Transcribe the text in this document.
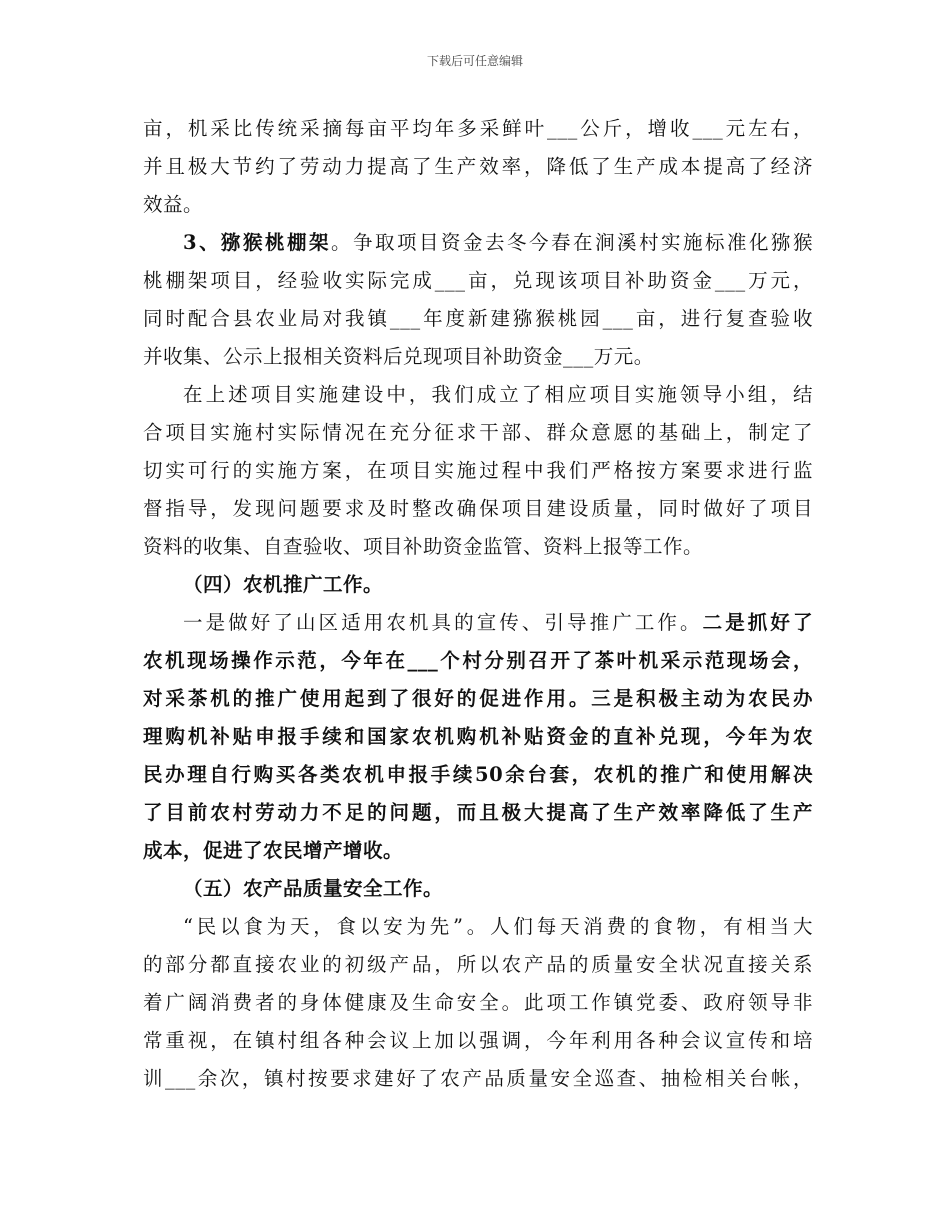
下载后可任意编辑
亩，机采比传统采摘每亩平均年多采鲜叶___公斤，增收___元左右，
并且极大节约了劳动力提高了生产效率，降低了生产成本提高了经济
效益。
3、猕猴桃棚架。争取项目资金去冬今春在涧溪村实施标准化猕猴
桃棚架项目，经验收实际完成___亩，兑现该项目补助资金___万元，
同时配合县农业局对我镇___年度新建猕猴桃园___亩，进行复查验收
并收集、公示上报相关资料后兑现项目补助资金___万元。
在上述项目实施建设中，我们成立了相应项目实施领导小组，结
合项目实施村实际情况在充分征求干部、群众意愿的基础上，制定了
切实可行的实施方案，在项目实施过程中我们严格按方案要求进行监
督指导，发现问题要求及时整改确保项目建设质量，同时做好了项目
资料的收集、自查验收、项目补助资金监管、资料上报等工作。
（四）农机推广工作。
一是做好了山区适用农机具的宣传、引导推广工作。二是抓好了
农机现场操作示范，今年在___个村分别召开了茶叶机采示范现场会，
对采茶机的推广使用起到了很好的促进作用。三是积极主动为农民办
理购机补贴申报手续和国家农机购机补贴资金的直补兑现，今年为农
民办理自行购买各类农机申报手续50余台套，农机的推广和使用解决
了目前农村劳动力不足的问题，而且极大提高了生产效率降低了生产
成本，促进了农民增产增收。
（五）农产品质量安全工作。
“民以食为天，食以安为先”。人们每天消费的食物，有相当大
的部分都直接农业的初级产品，所以农产品的质量安全状况直接关系
着广阔消费者的身体健康及生命安全。此项工作镇党委、政府领导非
常重视，在镇村组各种会议上加以强调，今年利用各种会议宣传和培
训___余次，镇村按要求建好了农产品质量安全巡查、抽检相关台帐，
